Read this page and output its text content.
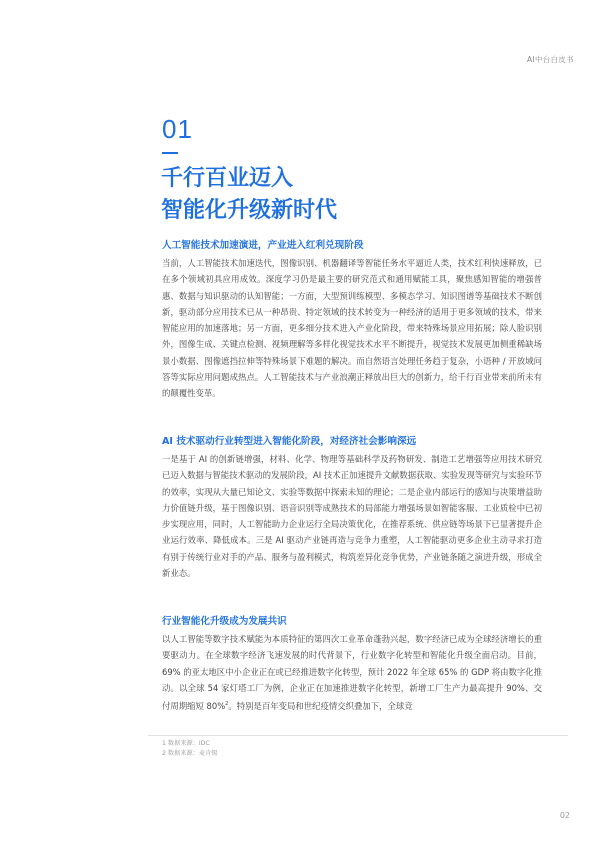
AI中台白皮书
01
千行百业迈入
智能化升级新时代
人工智能技术加速演进，产业进入红利兑现阶段

当前，人工智能技术加速迭代，图像识别、机器翻译等智能任务水平逼近人类，技术红利快速释放，已在多个领域初具应用成效。深度学习仍是最主要的研究范式和通用赋能工具，聚焦感知智能的增强普惠、数据与知识驱动的认知智能；一方面，大型预训练模型、多模态学习、知识图谱等基础技术不断创新，驱动部分应用技术已从一种昂贵、特定领域的技术转变为一种经济的适用于更多领域的技术，带来智能应用的加速落地；另一方面，更多细分技术进入产业化阶段，带来特殊场景应用拓展；除人脸识别外，图像生成、关键点检测、视频理解等多样化视觉技术水平不断提升，视觉技术发展更加侧重稀缺场景小数据、图像遮挡拉伸等特殊场景下难题的解决。而自然语言处理任务趋于复杂，小语种 / 开放域问答等实际应用问题成热点。人工智能技术与产业浪潮正释放出巨大的创新力，给千行百业带来前所未有的颠覆性变革。

AI 技术驱动行业转型进入智能化阶段，对经济社会影响深远

一是基于 AI 的创新链增强，材料、化学、物理等基础科学及药物研发、制造工艺增强等应用技术研究已迈入数据与智能技术驱动的发展阶段，AI 技术正加速提升文献数据获取、实验发现等研究与实验环节的效率，实现从大量已知论文、实验等数据中探索未知的理论；二是企业内部运行的感知与决策增益助力价值链升级，基于图像识别、语音识别等成熟技术的局部能力增强场景如智能客服、工业质检中已初步实现应用，同时，人工智能助力企业运行全局决策优化，在推荐系统、供应链等场景下已显著提升企业运行效率、降低成本。三是 AI 驱动产业链再造与竞争力重塑，人工智能驱动更多企业主动寻求打造有别于传统行业对手的产品、服务与盈利模式，构筑差异化竞争优势，产业链条随之演进升级，形成全新业态。

行业智能化升级成为发展共识

以人工智能等数字技术赋能为本质特征的第四次工业革命蓬勃兴起，数字经济已成为全球经济增长的重要驱动力。在全球数字经济飞速发展的时代背景下，行业数字化转型和智能化升级全面启动。目前，69% 的亚太地区中小企业正在或已经推进数字化转型，预计 2022 年全球 65% 的 GDP 将由数字化推动。以全球 54 家灯塔工厂为例，企业正在加速推进数字化转型，新增工厂生产力最高提升 90%、交付周期缩短 80%$^2$。特别是百年变局和世纪疫情交织叠加下，全球竞

1 数据来源：IDC
2 数据来源：麦肯锡
02
